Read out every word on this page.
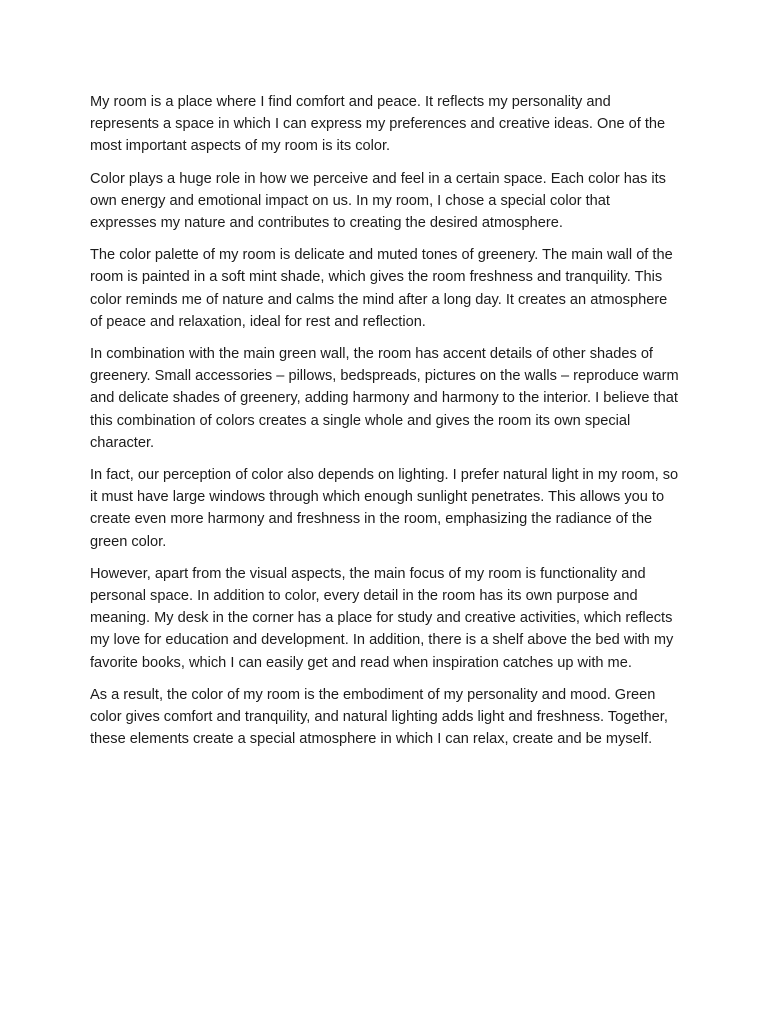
My room is a place where I find comfort and peace. It reflects my personality and represents a space in which I can express my preferences and creative ideas. One of the most important aspects of my room is its color.

Color plays a huge role in how we perceive and feel in a certain space. Each color has its own energy and emotional impact on us. In my room, I chose a special color that expresses my nature and contributes to creating the desired atmosphere.

The color palette of my room is delicate and muted tones of greenery. The main wall of the room is painted in a soft mint shade, which gives the room freshness and tranquility. This color reminds me of nature and calms the mind after a long day. It creates an atmosphere of peace and relaxation, ideal for rest and reflection.

In combination with the main green wall, the room has accent details of other shades of greenery. Small accessories – pillows, bedspreads, pictures on the walls – reproduce warm and delicate shades of greenery, adding harmony and harmony to the interior. I believe that this combination of colors creates a single whole and gives the room its own special character.

In fact, our perception of color also depends on lighting. I prefer natural light in my room, so it must have large windows through which enough sunlight penetrates. This allows you to create even more harmony and freshness in the room, emphasizing the radiance of the green color.

However, apart from the visual aspects, the main focus of my room is functionality and personal space. In addition to color, every detail in the room has its own purpose and meaning. My desk in the corner has a place for study and creative activities, which reflects my love for education and development. In addition, there is a shelf above the bed with my favorite books, which I can easily get and read when inspiration catches up with me.

As a result, the color of my room is the embodiment of my personality and mood. Green color gives comfort and tranquility, and natural lighting adds light and freshness. Together, these elements create a special atmosphere in which I can relax, create and be myself.
